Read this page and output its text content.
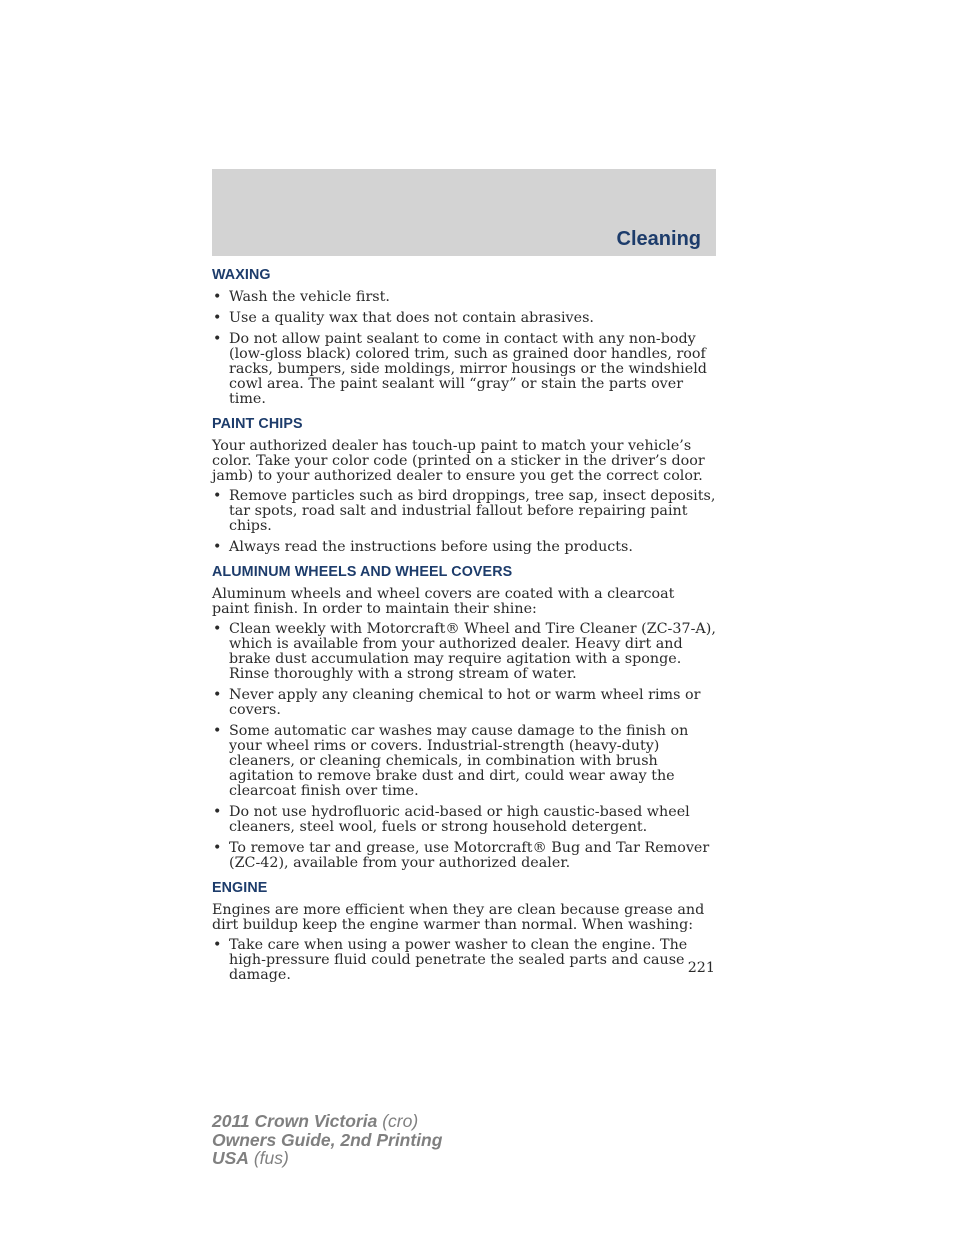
Cleaning
WAXING
• Wash the vehicle first.
• Use a quality wax that does not contain abrasives.
• Do not allow paint sealant to come in contact with any non-body (low-gloss black) colored trim, such as grained door handles, roof racks, bumpers, side moldings, mirror housings or the windshield cowl area. The paint sealant will “gray” or stain the parts over time.
PAINT CHIPS

Your authorized dealer has touch-up paint to match your vehicle’s color. Take your color code (printed on a sticker in the driver’s door jamb) to your authorized dealer to ensure you get the correct color.

• Remove particles such as bird droppings, tree sap, insect deposits, tar spots, road salt and industrial fallout before repairing paint chips.
• Always read the instructions before using the products.
ALUMINUM WHEELS AND WHEEL COVERS

Aluminum wheels and wheel covers are coated with a clearcoat paint finish. In order to maintain their shine:

• Clean weekly with Motorcraft® Wheel and Tire Cleaner (ZC-37-A), which is available from your authorized dealer. Heavy dirt and brake dust accumulation may require agitation with a sponge. Rinse thoroughly with a strong stream of water.
• Never apply any cleaning chemical to hot or warm wheel rims or covers.
• Some automatic car washes may cause damage to the finish on your wheel rims or covers. Industrial-strength (heavy-duty) cleaners, or cleaning chemicals, in combination with brush agitation to remove brake dust and dirt, could wear away the clearcoat finish over time.
• Do not use hydrofluoric acid-based or high caustic-based wheel cleaners, steel wool, fuels or strong household detergent.
• To remove tar and grease, use Motorcraft® Bug and Tar Remover (ZC-42), available from your authorized dealer.
ENGINE

Engines are more efficient when they are clean because grease and dirt buildup keep the engine warmer than normal. When washing:

• Take care when using a power washer to clean the engine. The high-pressure fluid could penetrate the sealed parts and cause damage.	221
2011 Crown Victoria (cro)
Owners Guide, 2nd Printing
USA (fus)
